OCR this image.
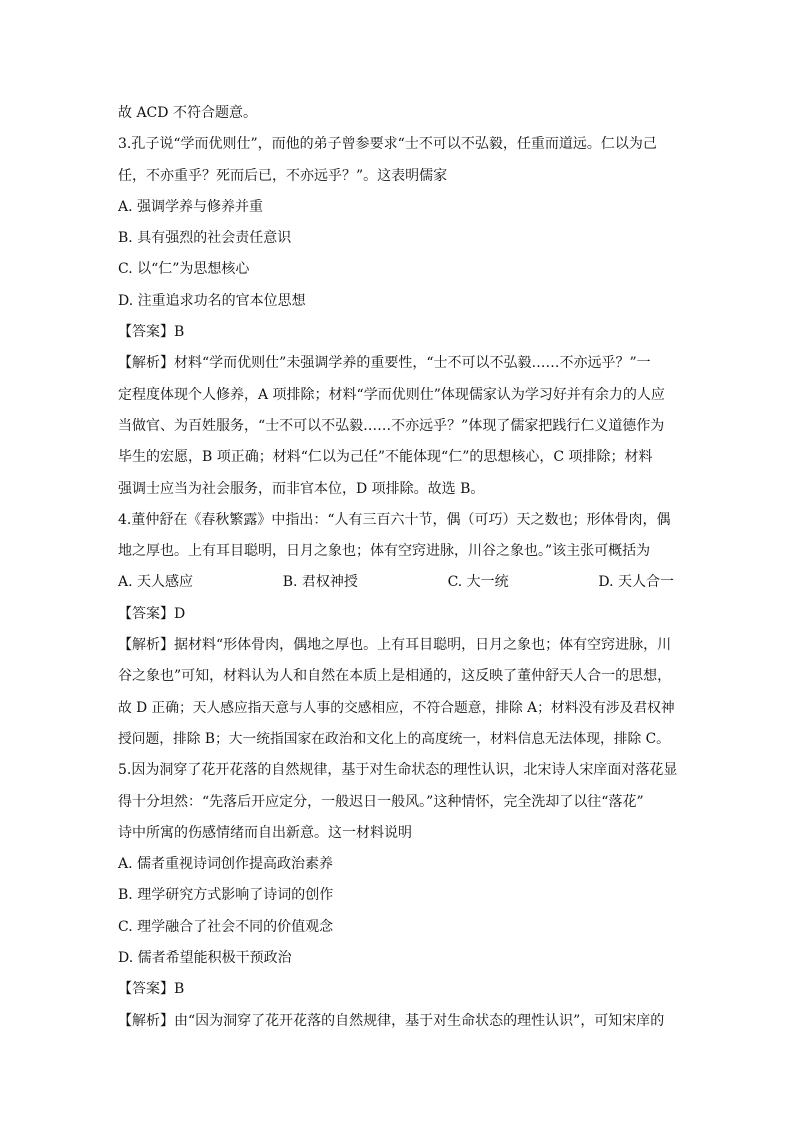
故 ACD 不符合题意。
3.孔子说“学而优则仕”，而他的弟子曾参要求“士不可以不弘毅，任重而道远。仁以为己
任，不亦重乎？死而后已，不亦远乎？”。这表明儒家
A. 强调学养与修养并重
B. 具有强烈的社会责任意识
C. 以“仁”为思想核心
D. 注重追求功名的官本位思想
【答案】B
【解析】材料“学而优则仕”未强调学养的重要性，“士不可以不弘毅……不亦远乎？”一
定程度体现个人修养，A 项排除；材料“学而优则仕”体现儒家认为学习好并有余力的人应
当做官、为百姓服务，“士不可以不弘毅……不亦远乎？”体现了儒家把践行仁义道德作为
毕生的宏愿，B 项正确；材料“仁以为己任”不能体现“仁”的思想核心，C 项排除；材料
强调士应当为社会服务，而非官本位，D 项排除。故选 B。
4.董仲舒在《春秋繁露》中指出：“人有三百六十节，偶（可巧）天之数也；形体骨肉，偶
地之厚也。上有耳目聪明，日月之象也；体有空窍进脉，川谷之象也。”该主张可概括为
A. 天人感应	B. 君权神授	C. 大一统	D. 天人合一
【答案】D
【解析】据材料“形体骨肉，偶地之厚也。上有耳目聪明，日月之象也；体有空窍进脉，川
谷之象也”可知，材料认为人和自然在本质上是相通的，这反映了董仲舒天人合一的思想，
故 D 正确；天人感应指天意与人事的交感相应，不符合题意，排除 A；材料没有涉及君权神
授问题，排除 B；大一统指国家在政治和文化上的高度统一，材料信息无法体现，排除 C。
5.因为洞穿了花开花落的自然规律，基于对生命状态的理性认识，北宋诗人宋庠面对落花显
得十分坦然：“先落后开应定分，一般迟日一般风。”这种情怀，完全洗却了以往“落花”
诗中所寓的伤感情绪而自出新意。这一材料说明
A. 儒者重视诗词创作提高政治素养
B. 理学研究方式影响了诗词的创作
C. 理学融合了社会不同的价值观念
D. 儒者希望能积极干预政治
【答案】B
【解析】由“因为洞穿了花开花落的自然规律，基于对生命状态的理性认识”，可知宋庠的
